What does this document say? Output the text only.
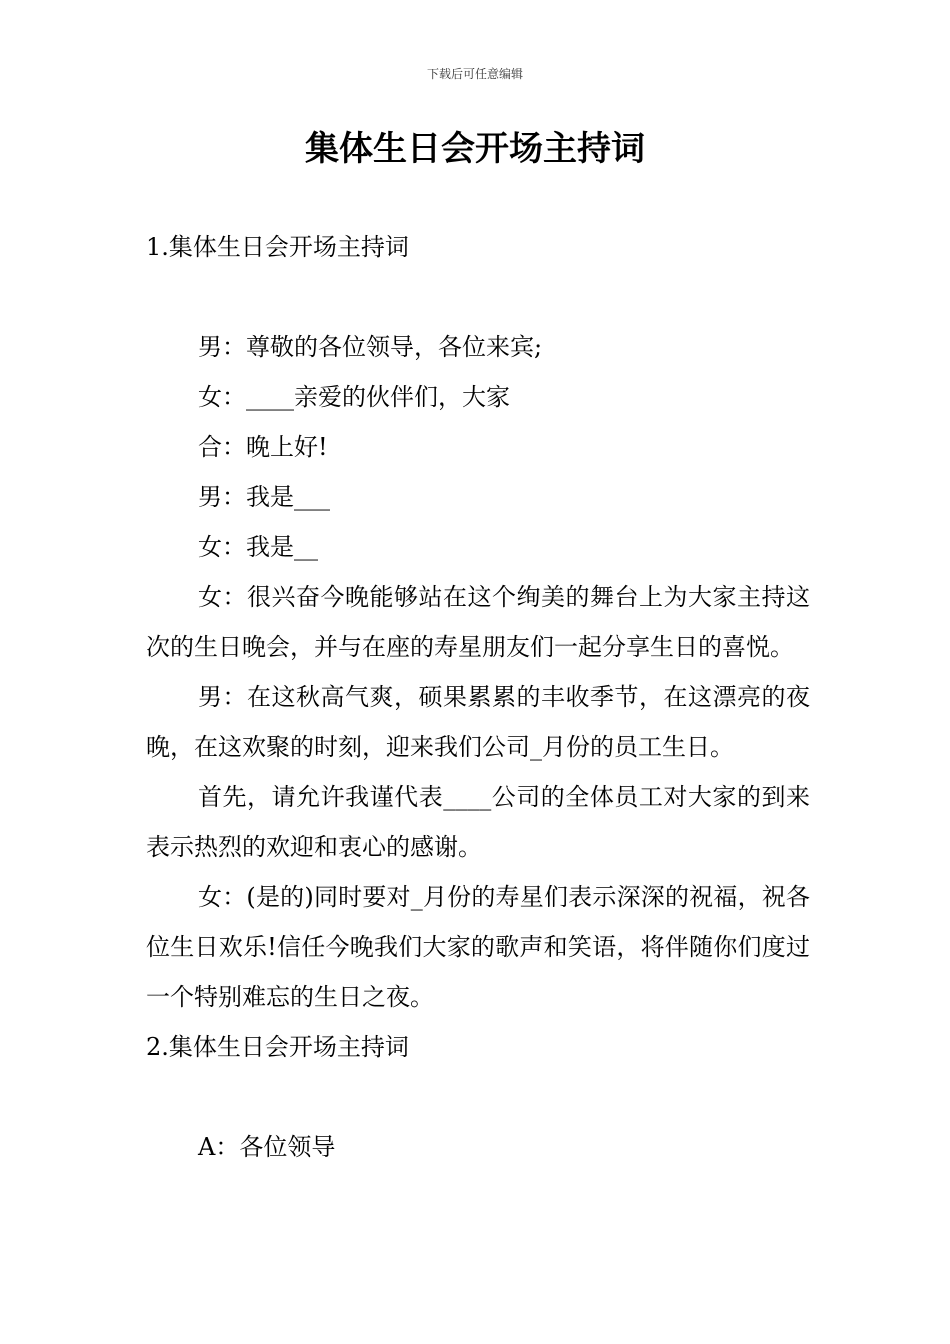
下载后可任意编辑
集体生日会开场主持词

1.集体生日会开场主持词

男：尊敬的各位领导，各位来宾;

女：____亲爱的伙伴们，大家

合：晚上好!

男：我是___

女：我是__

女：很兴奋今晚能够站在这个绚美的舞台上为大家主持这次的生日晚会，并与在座的寿星朋友们一起分享生日的喜悦。

男：在这秋高气爽，硕果累累的丰收季节，在这漂亮的夜晚，在这欢聚的时刻，迎来我们公司_月份的员工生日。

首先，请允许我谨代表____公司的全体员工对大家的到来表示热烈的欢迎和衷心的感谢。

女：(是的)同时要对_月份的寿星们表示深深的祝福，祝各位生日欢乐!信任今晚我们大家的歌声和笑语，将伴随你们度过一个特别难忘的生日之夜。

2.集体生日会开场主持词

A：各位领导
